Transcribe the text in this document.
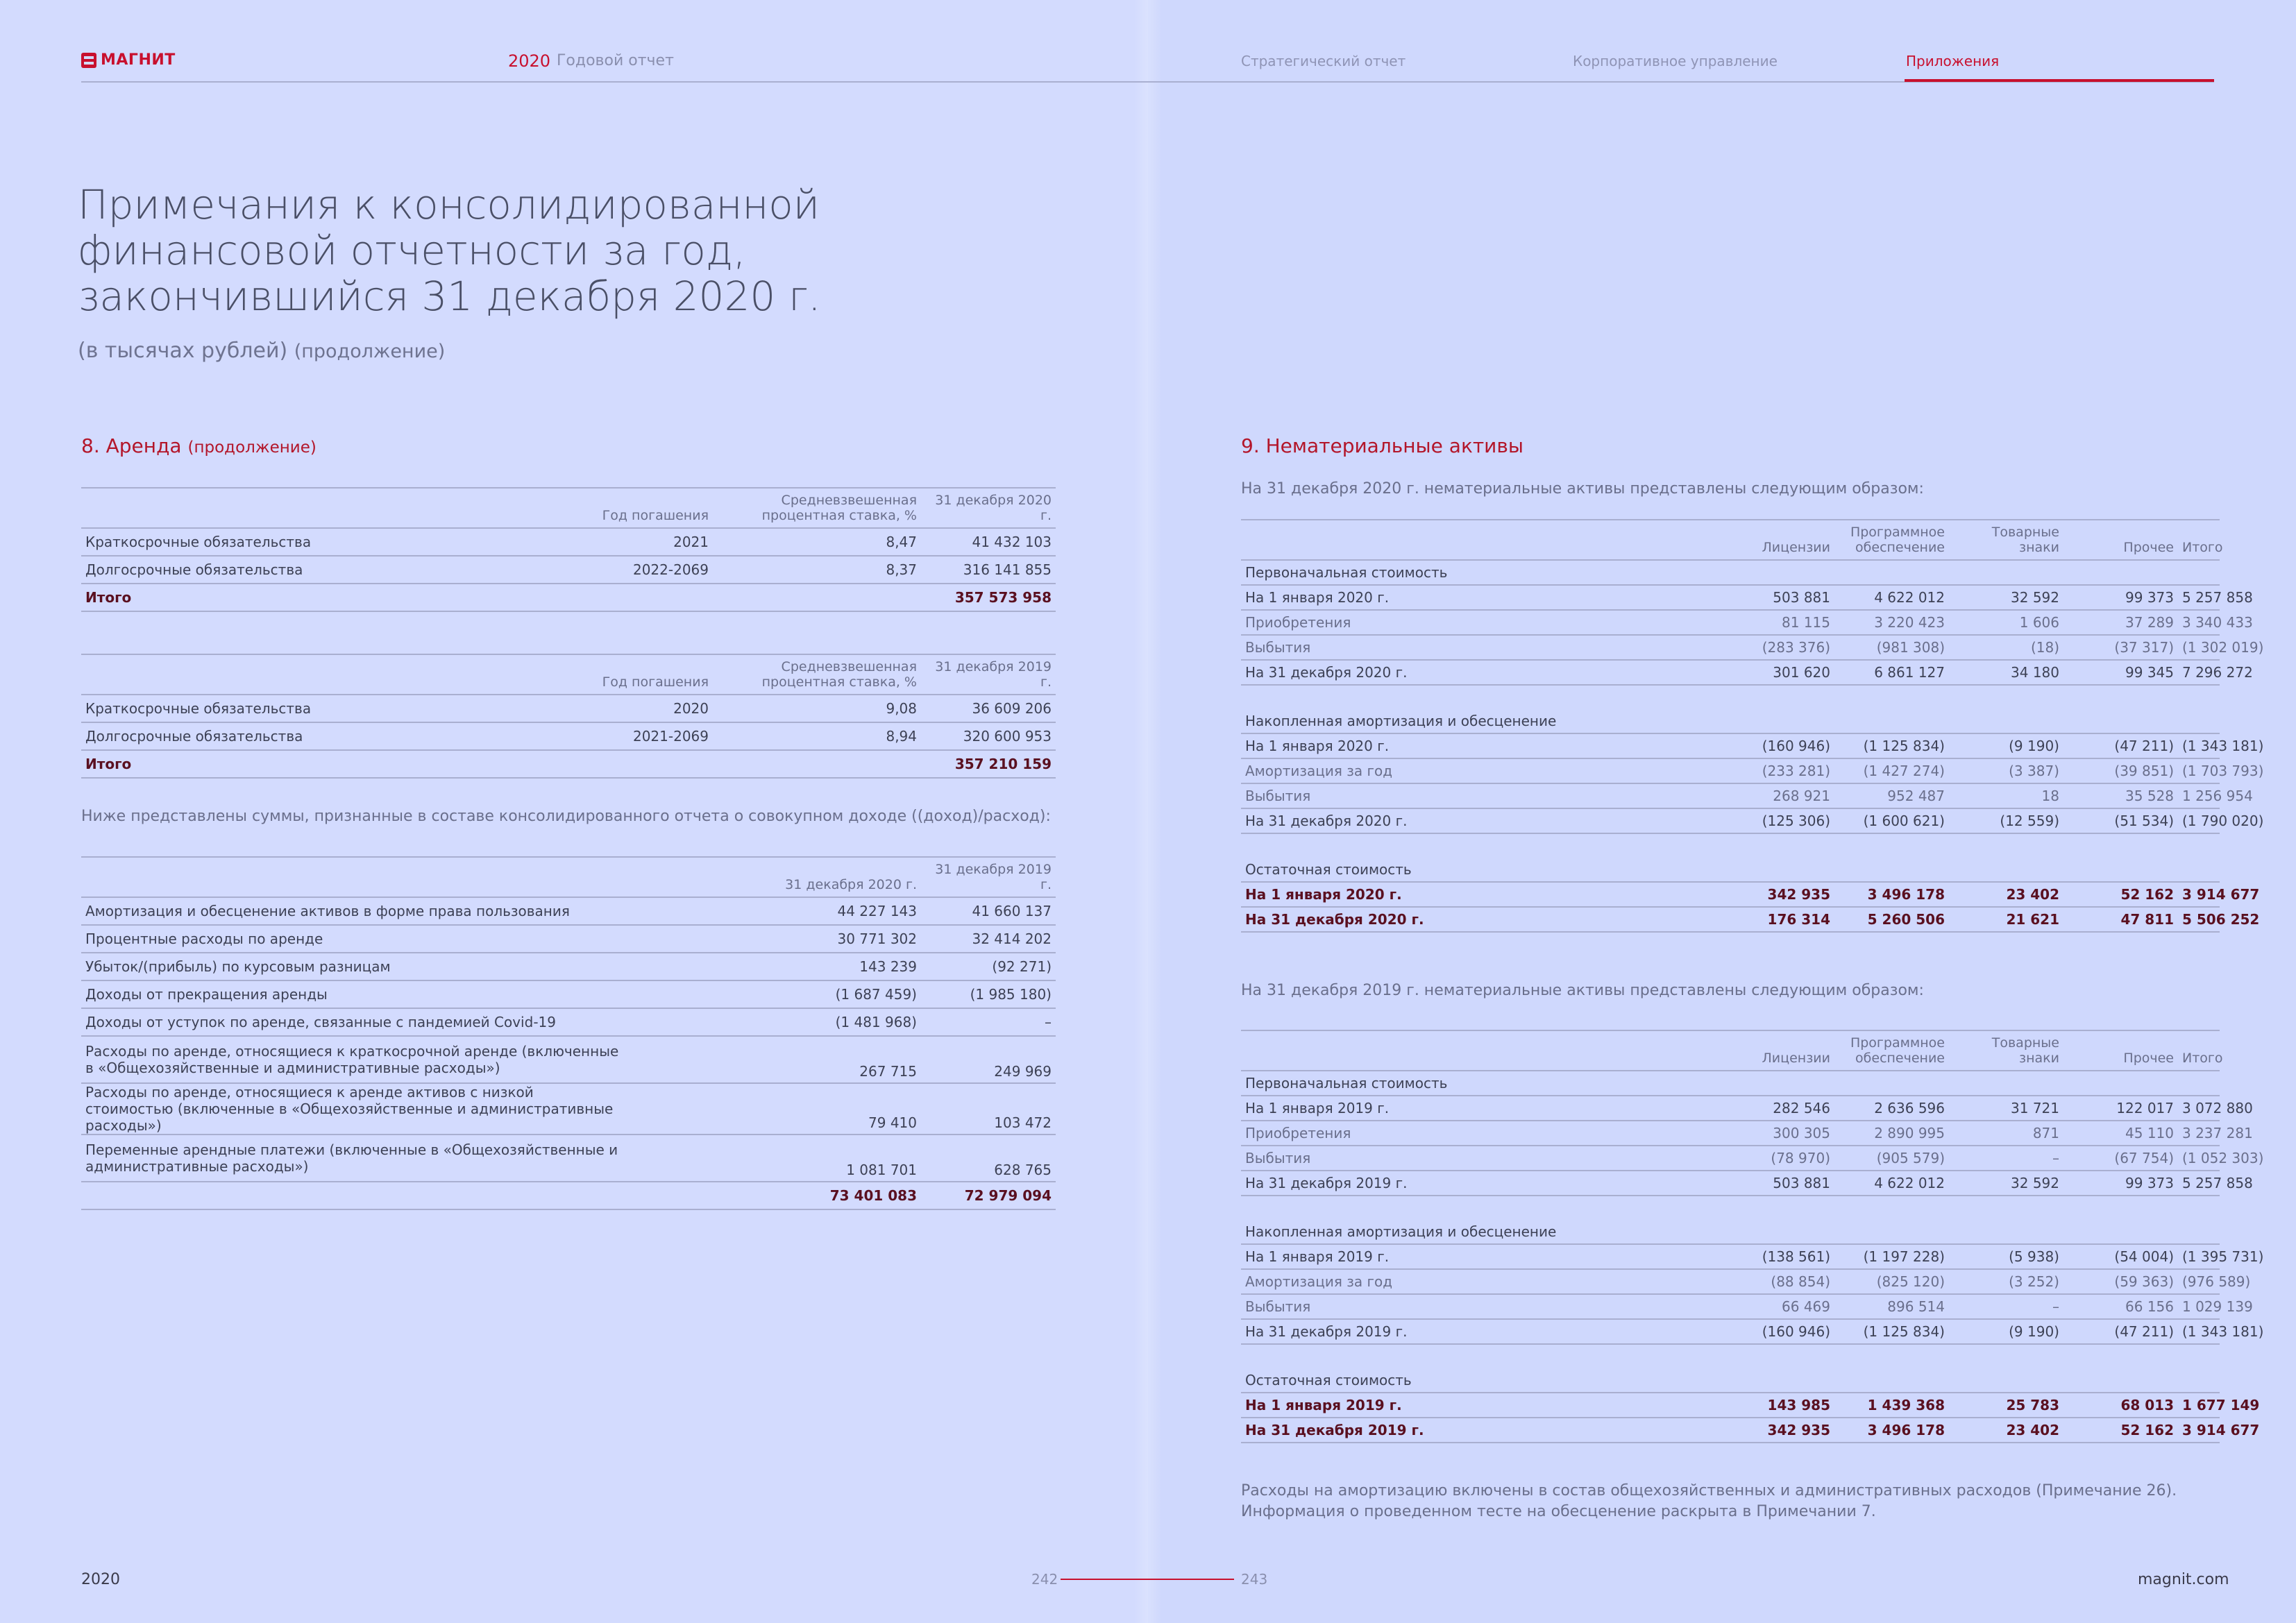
МАГНИТ	2020 Годовой отчет	Стратегический отчет	Корпоративное управление	Приложения
Примечания к консолидированной финансовой отчетности за год, закончившийся 31 декабря 2020 г.
(в тысячах рублей) (продолжение)
8. Аренда (продолжение)
	Год погашения	Средневзвешенная процентная ставка, %	31 декабря 2020 г.
Краткосрочные обязательства	2021	8,47	41 432 103
Долгосрочные обязательства	2022-2069	8,37	316 141 855
Итого			357 573 958
	Год погашения	Средневзвешенная процентная ставка, %	31 декабря 2019 г.
Краткосрочные обязательства	2020	9,08	36 609 206
Долгосрочные обязательства	2021-2069	8,94	320 600 953
Итого			357 210 159
Ниже представлены суммы, признанные в составе консолидированного отчета о совокупном доходе ((доход)/расход):
	31 декабря 2020 г.	31 декабря 2019 г.
Амортизация и обесценение активов в форме права пользования	44 227 143	41 660 137
Процентные расходы по аренде	30 771 302	32 414 202
Убыток/(прибыль) по курсовым разницам	143 239	(92 271)
Доходы от прекращения аренды	(1 687 459)	(1 985 180)
Доходы от уступок по аренде, связанные с пандемией Covid-19	(1 481 968)	–
Расходы по аренде, относящиеся к краткосрочной аренде (включенные в «Общехозяйственные и административные расходы»)	267 715	249 969
Расходы по аренде, относящиеся к аренде активов с низкой стоимостью (включенные в «Общехозяйственные и административные расходы»)	79 410	103 472
Переменные арендные платежи (включенные в «Общехозяйственные и административные расходы»)	1 081 701	628 765
	73 401 083	72 979 094
9. Нематериальные активы
На 31 декабря 2020 г. нематериальные активы представлены следующим образом:
	Лицензии	Программное обеспечение	Товарные знаки	Прочее	Итого
Первоначальная стоимость					
На 1 января 2020 г.	503 881	4 622 012	32 592	99 373	5 257 858
Приобретения	81 115	3 220 423	1 606	37 289	3 340 433
Выбытия	(283 376)	(981 308)	(18)	(37 317)	(1 302 019)
На 31 декабря 2020 г.	301 620	6 861 127	34 180	99 345	7 296 272

Накопленная амортизация и обесценение					
На 1 января 2020 г.	(160 946)	(1 125 834)	(9 190)	(47 211)	(1 343 181)
Амортизация за год	(233 281)	(1 427 274)	(3 387)	(39 851)	(1 703 793)
Выбытия	268 921	952 487	18	35 528	1 256 954
На 31 декабря 2020 г.	(125 306)	(1 600 621)	(12 559)	(51 534)	(1 790 020)

Остаточная стоимость					
На 1 января 2020 г.	342 935	3 496 178	23 402	52 162	3 914 677
На 31 декабря 2020 г.	176 314	5 260 506	21 621	47 811	5 506 252
На 31 декабря 2019 г. нематериальные активы представлены следующим образом:
	Лицензии	Программное обеспечение	Товарные знаки	Прочее	Итого
Первоначальная стоимость					
На 1 января 2019 г.	282 546	2 636 596	31 721	122 017	3 072 880
Приобретения	300 305	2 890 995	871	45 110	3 237 281
Выбытия	(78 970)	(905 579)	–	(67 754)	(1 052 303)
На 31 декабря 2019 г.	503 881	4 622 012	32 592	99 373	5 257 858

Накопленная амортизация и обесценение					
На 1 января 2019 г.	(138 561)	(1 197 228)	(5 938)	(54 004)	(1 395 731)
Амортизация за год	(88 854)	(825 120)	(3 252)	(59 363)	(976 589)
Выбытия	66 469	896 514	–	66 156	1 029 139
На 31 декабря 2019 г.	(160 946)	(1 125 834)	(9 190)	(47 211)	(1 343 181)

Остаточная стоимость					
На 1 января 2019 г.	143 985	1 439 368	25 783	68 013	1 677 149
На 31 декабря 2019 г.	342 935	3 496 178	23 402	52 162	3 914 677
Расходы на амортизацию включены в состав общехозяйственных и административных расходов (Примечание 26). Информация о проведенном тесте на обесценение раскрыта в Примечании 7.
2020	242	243	magnit.com
